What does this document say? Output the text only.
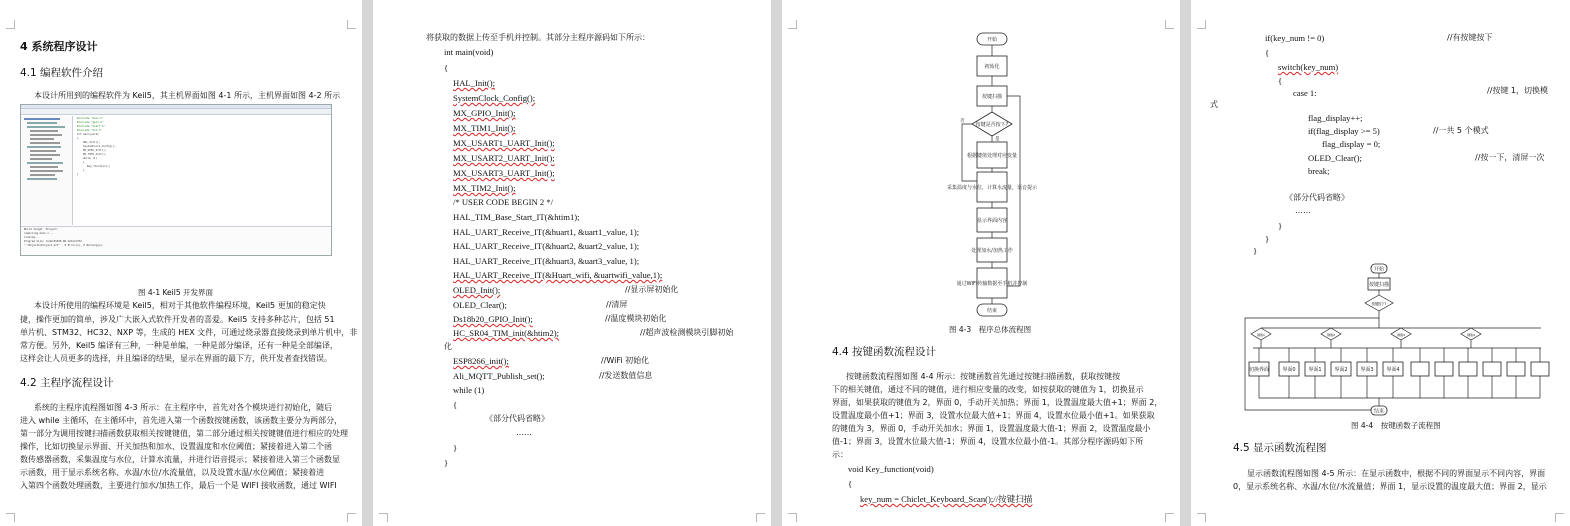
4 系统程序设计
4.1 编程软件介绍
本设计所用到的编程软件为 Keil5，其主机界面如图 4-1 所示，主机界面如图 4-2 所示
#include "main.h"
#include "gpio.h"
#include "usart.h"
#include "tim.h"
int main(void)
{
HAL_Init();
SystemClock_Config();
MX_GPIO_Init();
MX_TIM1_Init();
while (1)
{
Key_function();
}
}
Build target 'Project'
compiling main.c...
linking...
Program Size: Code=25460 RO-data=1372
".\Objects\Project.axf" - 0 Error(s), 0 Warning(s).
图 4-1 Keil5 开发界面
本设计所使用的编程环境是 Keil5，相对于其他软件编程环境，Keil5 更加的稳定快
捷，操作更加的简单，涉及广大嵌入式软件开发者的喜爱。Keil5 支持多种芯片，包括 51
单片机、STM32、HC32、NXP 等，生成的 HEX 文件，可通过烧录器直接烧录到单片机中，非
常方便。另外，Keil5 编译有三种，一种是单编，一种是部分编译，还有一种是全部编译，
这样会让人员更多的选择，并且编译的结果，显示在界面的最下方，供开发者查找错误。
4.2 主程序流程设计
系统的主程序流程图如图 4-3 所示：在主程序中，首先对各个模块进行初始化，随后
进入 while 主循环，在主循环中，首先进入第一个函数按键函数，该函数主要分为两部分，
第一部分为调用按键扫描函数获取相关按键键值，第二部分通过相关按键键值进行相应的处理
操作，比如切换显示界面、开关加热和加水、设置温度和水位阈值；紧接着进入第二个函
数传感器函数，采集温度与水位，计算水流量，并进行语音提示；紧接着进入第三个函数显
示函数，用于显示系统名称、水温/水位/水流量值，以及设置水温/水位阈值；紧接着进
入第四个函数处理函数，主要进行加水/加热工作，最后一个是 WIFI 接收函数，通过 WIFI
将获取的数据上传至手机并控制。其部分主程序源码如下所示：
int main(void)
{
HAL_Init();
SystemClock_Config();
MX_GPIO_Init();
MX_TIM1_Init();
MX_USART1_UART_Init();
MX_USART2_UART_Init();
MX_USART3_UART_Init();
MX_TIM2_Init();
/* USER CODE BEGIN 2 */
HAL_TIM_Base_Start_IT(&htim1);
HAL_UART_Receive_IT(&huart1, &uart1_value, 1);
HAL_UART_Receive_IT(&huart2, &uart2_value, 1);
HAL_UART_Receive_IT(&huart3, &uart3_value, 1);
HAL_UART_Receive_IT(&Huart_wifi, &uartwifi_value,1);
OLED_Init();	//显示屏初始化
OLED_Clear();	//清屏
Ds18b20_GPIO_Init();	//温度模块初始化
HC_SR04_TIM_init(&htim2);	//超声波检测模块引脚初始
化
ESP8266_init();	//WiFi 初始化
Ali_MQTT_Publish_set();	//发送数值信息
while (1)
{
《部分代码省略》
……
}
}
开始
初始化
按键扫描
按键是否按下?
是
否
根据键值处理对应变量
采集温度与水位，计算水流量，语音提示
显示界面内容
处理加水/加热工作
通过WIFI传输数据至手机并控制
结束
图 4-3　程序总体流程图
4.4 按键函数流程设计
按键函数流程图如图 4-4 所示：按键函数首先通过按键扫描函数，获取按键按
下的相关键值，通过不同的键值，进行相应变量的改变，如按获取的键值为 1，切换显示
界面，如果获取的键值为 2，界面 0，手动开关加热；界面 1，设置温度最大值+1；界面 2，
设置温度最小值+1；界面 3，设置水位最大值+1；界面 4，设置水位最小值+1。如果获取
的键值为 3，界面 0，手动开关加水；界面 1，设置温度最大值-1；界面 2，设置温度最小
值-1；界面 3，设置水位最大值-1；界面 4，设置水位最小值-1。其部分程序源码如下所
示：
void Key_function(void)
{
key_num = Chiclet_Keyboard_Scan();//按键扫描
if(key_num != 0)	//有按键按下
{
switch(key_num)
{
case 1:	//按键 1，切换模
式
flag_display++;
if(flag_display >= 5)	//一共 5 个模式
flag_display = 0;
OLED_Clear();	//按一下，清屏一次
break;
《部分代码省略》
……
}
}
}
开始
按键扫描
按键按下?
键值1	键值2	键值3	键值4
切换界面	界面0	界面1	界面2	界面3	界面4
结束
图 4-4　按键函数子流程图
4.5 显示函数流程图
显示函数流程图如图 4-5 所示：在显示函数中，根据不同的界面显示不同内容，界面
0，显示系统名称、水温/水位/水流量值；界面 1，显示设置的温度最大值；界面 2，显示
